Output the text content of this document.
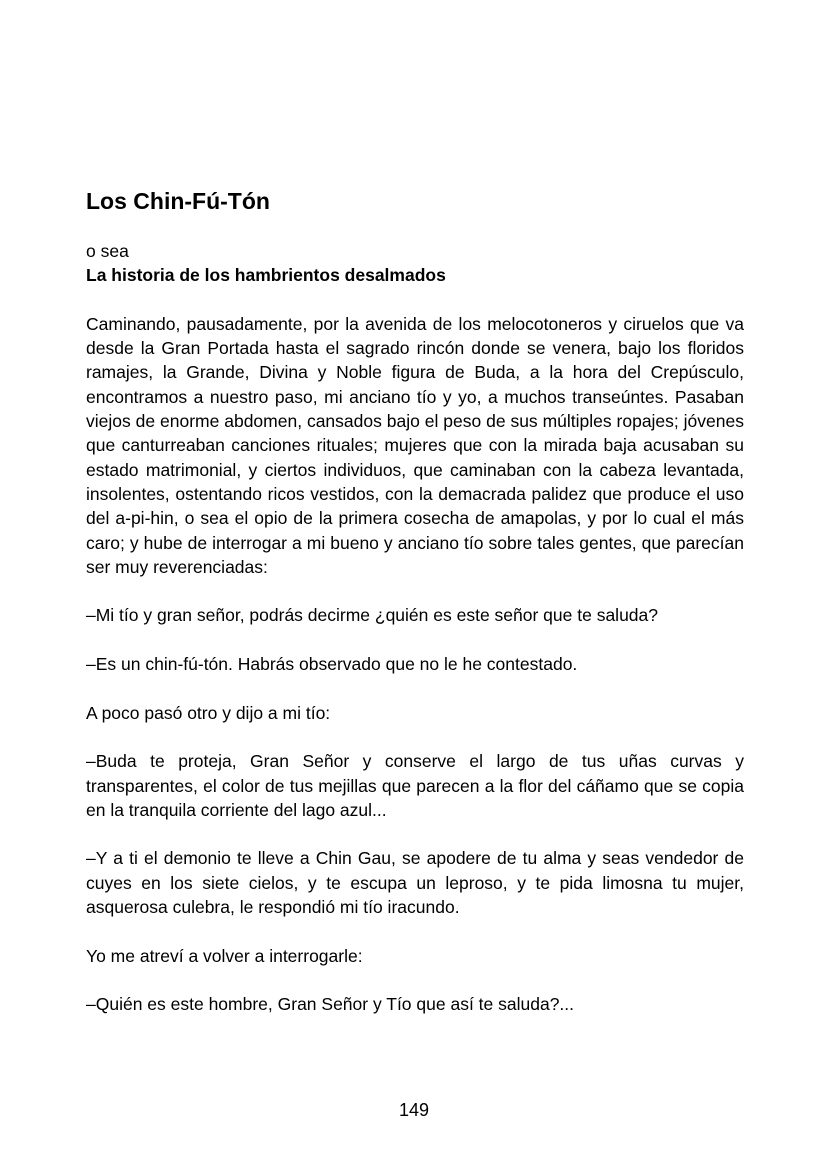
Los Chin-Fú-Tón

o sea

La historia de los hambrientos desalmados

Caminando, pausadamente, por la avenida de los melocotoneros y ciruelos que va desde la Gran Portada hasta el sagrado rincón donde se venera, bajo los floridos ramajes, la Grande, Divina y Noble figura de Buda, a la hora del Crepúsculo, encontramos a nuestro paso, mi anciano tío y yo, a muchos transeúntes. Pasaban viejos de enorme abdomen, cansados bajo el peso de sus múltiples ropajes; jóvenes que canturreaban canciones rituales; mujeres que con la mirada baja acusaban su estado matrimonial, y ciertos individuos, que caminaban con la cabeza levantada, insolentes, ostentando ricos vestidos, con la demacrada palidez que produce el uso del a-pi-hin, o sea el opio de la primera cosecha de amapolas, y por lo cual el más caro; y hube de interrogar a mi bueno y anciano tío sobre tales gentes, que parecían ser muy reverenciadas:

–Mi tío y gran señor, podrás decirme ¿quién es este señor que te saluda?

–Es un chin-fú-tón. Habrás observado que no le he contestado.

A poco pasó otro y dijo a mi tío:

–Buda te proteja, Gran Señor y conserve el largo de tus uñas curvas y transparentes, el color de tus mejillas que parecen a la flor del cáñamo que se copia en la tranquila corriente del lago azul...

–Y a ti el demonio te lleve a Chin Gau, se apodere de tu alma y seas vendedor de cuyes en los siete cielos, y te escupa un leproso, y te pida limosna tu mujer, asquerosa culebra, le respondió mi tío iracundo.

Yo me atreví a volver a interrogarle:

–Quién es este hombre, Gran Señor y Tío que así te saluda?...

149
